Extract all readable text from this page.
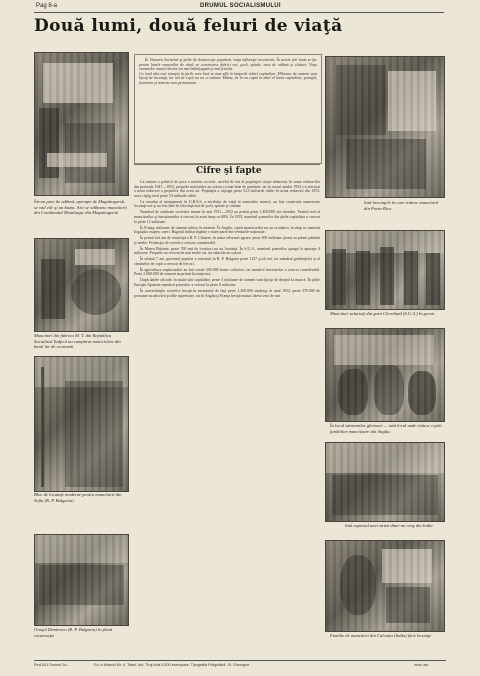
Pag 8-a	DRUMUL SOCIALISMULUI
Două lumi, două feluri de viaţă
Înt-un parc de odihnă, aproape de Magnitogorsk, se văd vile şi un bazin. Aici se odihnesc muncitorii din Combinatul Metalurgic din Magnitogorsk
Muncitori din fabrica M. T. din Republica Socialistă Tadjică au cumpărat motociclete din banii lor de economii
Bloc de locuinţe moderne pentru muncitorii din Sofia (R. P. Bulgaria)
Oraşul Dimitrovo (R. P. Bulgaria) în plină construcţie

În Uniunea Sovietică şi ţările de democraţie populară, viaţa infloreşte necontenit. În aceste ţări toate se fac pentru binele oamenilor de rând, se construiesc fabrici noi, şcoli, spitale, case de odihnă şi cluburi. Viaţa oamenilor muncii devine tot mai îmbelşugată şi mai fericită.
Cu totul alta este situaţia în ţările care încă se mai află în lanţurile robiei capitaliste. Milioane de oameni sunt lipsiţi de locuinţă, iar mii de copii nu au ce mânca. Mâine, de la un capăt la altul al lumii capitaliste, şomajul, foametea şi mizeria sunt permanente.

Cifre şi fapte

Ca urmare a politicii de pace a statului sovietic, nivelul de trai al populaţiei creşte neîncetat. În urma reducerilor din perioada 1947—1952, preţurile mărfurilor au scăzut cu mai bine de jumătate, iar în cursul anului 1954 s-a efectuat o nouă reducere a preţurilor din acest an. Populaţia a câştigat peste 52,5 miliarde ruble; în urma reducerii din 1953, avea câştig total peste 53 miliarde ruble.

Ca rezultat al transpunerii în U.R.S.S. a nivelului de viaţă al oamenilor muncii, au fost construite numeroase locuinţe noi şi au fost date în folosinţă mii de şcoli, spitale şi cămine.

Numărul de sindicate sovietice numai în anii 1951—1952 au primit peste 1.400.000 noi membri. Venitul real al muncitorilor şi funcţionarilor a crescut în acest timp cu 68%. În 1953, numărul şomerilor din ţările capitaliste a crescut la peste 12 milioane.

În Franţa, milioane de oameni trăiesc în mizerie. În Anglia, copiii muncitorilor nu au ce mânca, în timp ce oamenii bogaţilor risipesc averi. Bugetul militar înghite o mare parte din veniturile naţionale.

În primii trei ani de existenţă a R. P. Chineze, în urma reformei agrare, peste 300 milioane ţărani au primit pământ şi unelte. Producţia de cereale a crescut considerabil.

În Marea Britanie, peste 700 mii de locuitori nu au locuinţă. În S.U.A., numărul şomerilor ajunge la aproape 4 milioane. Preţurile au crescut de mai multe ori, iar salariile au scăzut.

În ultimii 7 ani, guvernul popular a construit în R. P. Bulgaria peste 1137 şcoli noi, iar numărul grădiniţelor şi al căminelor de copii a crescut de trei ori.

În agricultura surplusurilor au fost create 300.000 ferme colective, iar numărul tractoarelor a crescut considerabil. Peste 2.000.000 de oameni au primit locuinţe noi.

După datele oficiale, în multe ţări capitaliste, peste 5 milioane de oameni sunt lipsiţi de dreptul la muncă. În ţările Europei Apusene numărul şomerilor a crescut la peste 8 milioane.

În universităţile sovietice învaţă în momentul de faţă peste 1.400.000 studenţi, în anul 1952, peste 370.000 de persoane au absolvit şcolile superioare, iar în Anglia şi Franţa învaţă numai câteva zeci de mii.

Iată locuinţele în care trăiesc muncitorii din Porto-Rico
Muncitori salariaţi din gara Cleveland (S.U.A.) în grevă.
În locul sărmanilor ghetouri — iată locul unde trăiesc copiii familiilor muncitoare din Anglia.
Iată aspectul unei străzi dintr-un oraş din India
Familie de muncitori din Calcutta (India) fără locuinţe
Red-001 Drumul So...	Ed. a Marelui Kir. II. Tabel. Ant. Tiraj total 5.500 exemplare. Tipografia Poligrafică. Sf. Gheorghe	Imun ast
